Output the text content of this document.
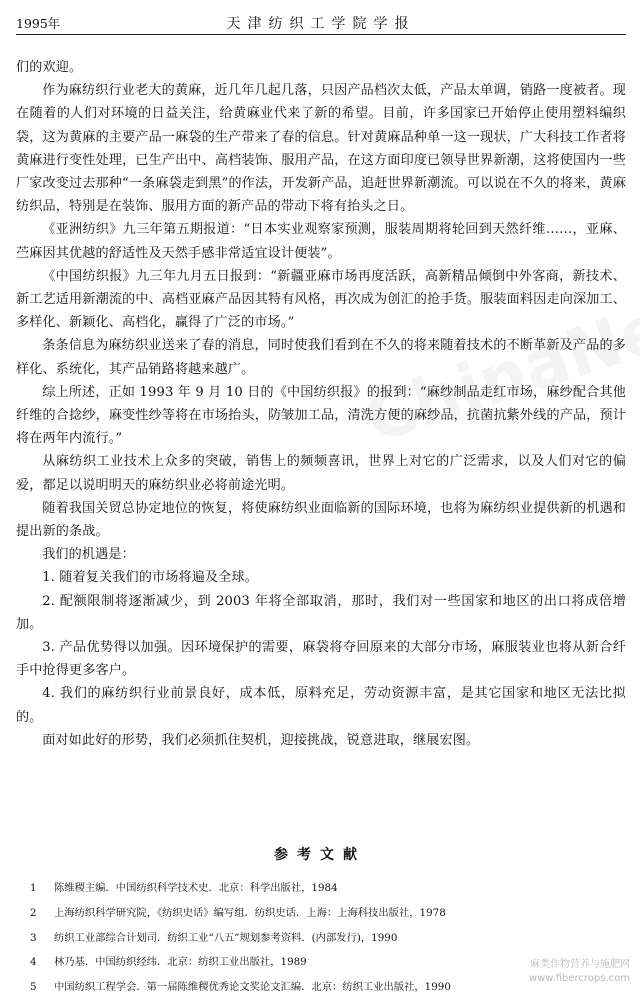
1995年	天津纺织工学院学报

们的欢迎。

作为麻纺织行业老大的黄麻，近几年几起几落，只因产品档次太低，产品太单调，销路一度被者。现在随着的人们对环境的日益关注，给黄麻业代来了新的希望。目前，许多国家已开始停止使用塑料编织袋，这为黄麻的主要产品一麻袋的生产带来了春的信息。针对黄麻品种单一这一现状，广大科技工作者将黄麻进行变性处理，已生产出中、高档装饰、服用产品，在这方面印度已领导世界新潮，这将使国内一些厂家改变过去那种“一条麻袋走到黑”的作法，开发新产品，追赶世界新潮流。可以说在不久的将来，黄麻纺织品，特别是在装饰、服用方面的新产品的带动下将有抬头之日。

《亚洲纺织》九三年第五期报道：“日本实业观察家预测，服装周期将轮回到天然纤维……，亚麻、苎麻因其优越的舒适性及天然手感非常适宜设计便装”。

《中国纺织报》九三年九月五日报到：“新疆亚麻市场再度活跃，高新精品倾倒中外客商，新技术、新工艺适用新潮流的中、高档亚麻产品因其特有风格，再次成为创汇的抢手货。服装面料因走向深加工、多样化、新颖化、高档化，赢得了广泛的市场。”

条条信息为麻纺织业送来了春的消息，同时使我们看到在不久的将来随着技术的不断革新及产品的多样化、系统化，其产品销路将越来越广。

综上所述，正如 1993 年 9 月 10 日的《中国纺织报》的报到：“麻纱制品走红市场，麻纱配合其他纤维的合捻纱，麻变性纱等将在市场抬头，防皱加工品，清洗方便的麻纱品，抗菌抗紫外线的产品，预计将在两年内流行。”

从麻纺织工业技术上众多的突破，销售上的频频喜讯，世界上对它的广泛需求，以及人们对它的偏爱，都足以说明明天的麻纺织业必将前途光明。

随着我国关贸总协定地位的恢复，将使麻纺织业面临新的国际环境，也将为麻纺织业提供新的机遇和提出新的条战。

我们的机遇是：

1. 随着复关我们的市场将遍及全球。

2. 配额限制将逐渐减少，到 2003 年将全部取消，那时，我们对一些国家和地区的出口将成倍增加。

3. 产品优势得以加强。因环境保护的需要，麻袋将夺回原来的大部分市场，麻服装业也将从新合纤手中抢得更多客户。

4. 我们的麻纺织行业前景良好，成本低，原料充足，劳动资源丰富，是其它国家和地区无法比拟的。

面对如此好的形势，我们必须抓住契机，迎接挑战，锐意进取，继展宏图。

参考文献
1 陈维稷主编．中国纺织科学技术史．北京：科学出版社，1984
2 上海纺织科学研究院，《纺织史话》编写组．纺织史话．上海：上海科技出版社，1978
3 纺织工业部综合计划司．纺织工业“八五”规划参考资料．(内部发行)，1990
4 林乃基．中国纺织经纬．北京：纺织工业出版社，1989
5 中国纺织工程学会．第一届陈维稷优秀论文奖论文汇编．北京：纺织工业出版社，1990
麻类作物营养与施肥网
www.fibercrops.com
